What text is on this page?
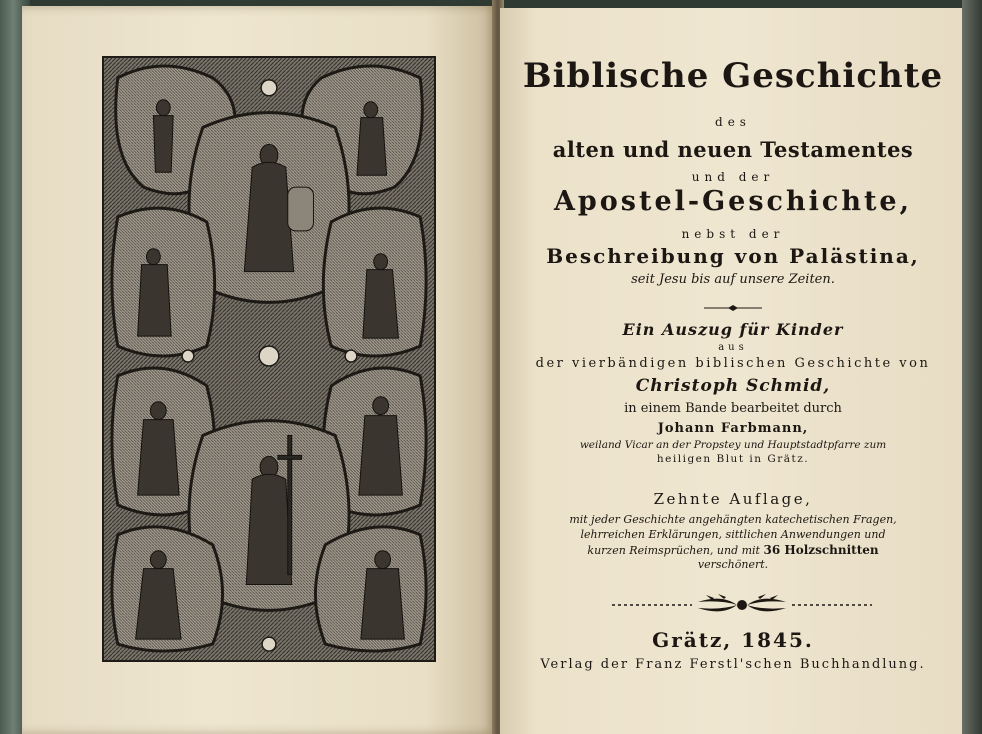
Biblische Geschichte
des
alten und neuen Testamentes
und der
Apostel-Geschichte,
nebst der
Beschreibung von Palästina,
seit Jesu bis auf unsere Zeiten.
Ein Auszug für Kinder
aus
der vierbändigen biblischen Geschichte von
Christoph Schmid,
in einem Bande bearbeitet durch
Johann Farbmann,
weiland Vicar an der Propstey und Hauptstadtpfarre zum
heiligen Blut in Grätz.
Zehnte Auflage,
mit jeder Geschichte angehängten katechetischen Fragen,
lehrreichen Erklärungen, sittlichen Anwendungen und
kurzen Reimsprüchen, und mit 36 Holzschnitten
verschönert.
Grätz, 1845.
Verlag der Franz Ferstl'schen Buchhandlung.
